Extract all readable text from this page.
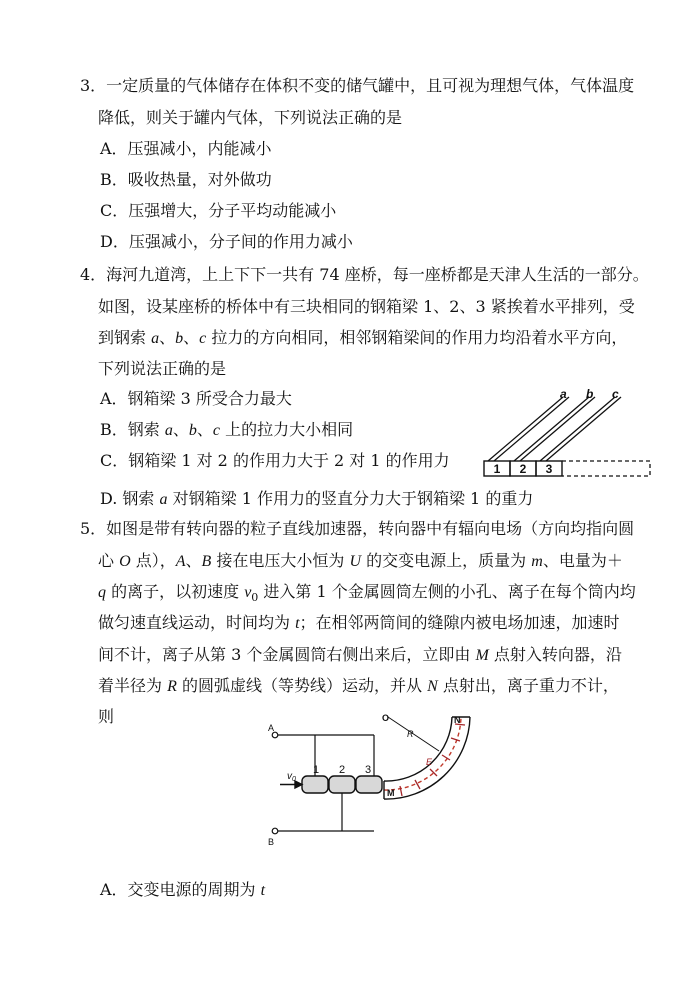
3．一定质量的气体储存在体积不变的储气罐中，且可视为理想气体，气体温度
降低，则关于罐内气体，下列说法正确的是
A．压强减小，内能减小
B．吸收热量，对外做功
C．压强增大，分子平均动能减小
D．压强减小，分子间的作用力减小
4．海河九道湾，上上下下一共有 74 座桥，每一座桥都是天津人生活的一部分。
如图，设某座桥的桥体中有三块相同的钢箱梁 1、2、3 紧挨着水平排列，受
到钢索 a、b、c 拉力的方向相同，相邻钢箱梁间的作用力均沿着水平方向，
下列说法正确的是
A．钢箱梁 3 所受合力最大
B．钢索 a、b、c 上的拉力大小相同
C．钢箱梁 1 对 2 的作用力大于 2 对 1 的作用力
D. 钢索 a 对钢箱梁 1 作用力的竖直分力大于钢箱梁 1 的重力
a b c
1 2 3
5．如图是带有转向器的粒子直线加速器，转向器中有辐向电场（方向均指向圆
心 O 点），A、B 接在电压大小恒为 U 的交变电源上，质量为 m、电量为＋
q 的离子，以初速度 $v_0$ 进入第 1 个金属圆筒左侧的小孔、离子在每个筒内均
做匀速直线运动，时间均为 t；在相邻两筒间的缝隙内被电场加速，加速时
间不计，离子从第 3 个金属圆筒右侧出来后，立即由 M 点射入转向器，沿
着半径为 R 的圆弧虚线（等势线）运动，并从 N 点射出，离子重力不计，
则
A
B
1 2 3
$v_0$
O
R
E
M
N
A．交变电源的周期为 t
